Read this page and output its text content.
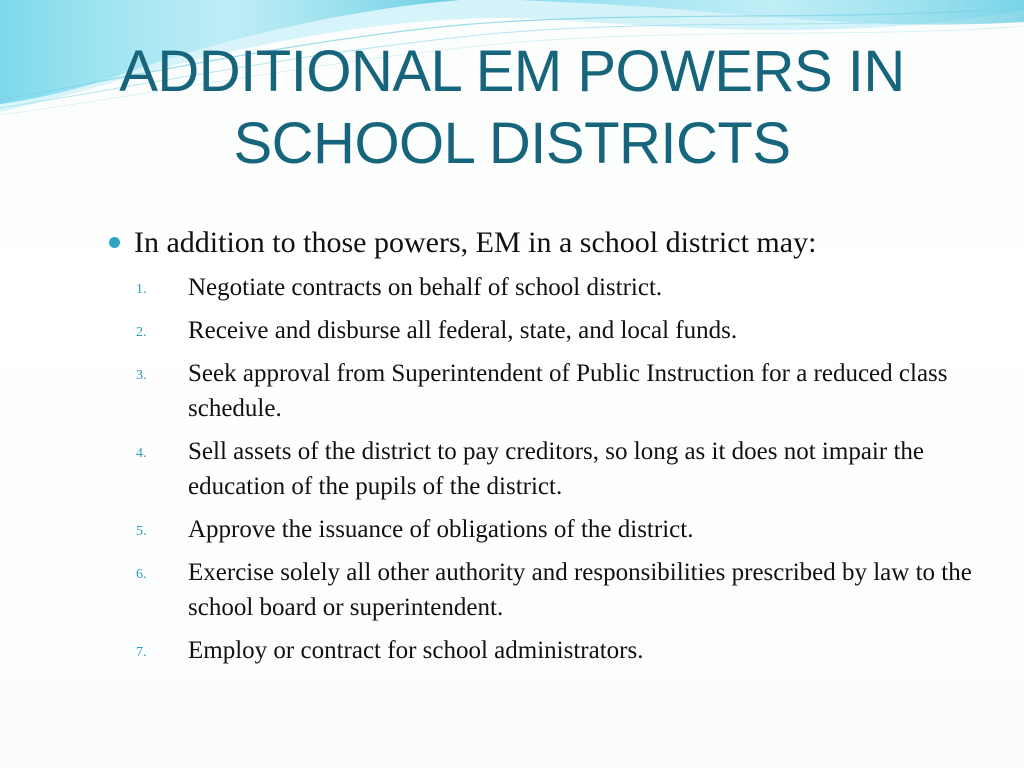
ADDITIONAL EM POWERS IN SCHOOL DISTRICTS
In addition to those powers, EM in a school district may:
1. Negotiate contracts on behalf of school district.
2. Receive and disburse all federal, state, and local funds.
3. Seek approval from Superintendent of Public Instruction for a reduced class schedule.
4. Sell assets of the district to pay creditors, so long as it does not impair the education of the pupils of the district.
5. Approve the issuance of obligations of the district.
6. Exercise solely all other authority and responsibilities prescribed by law to the school board or superintendent.
7. Employ or contract for school administrators.
